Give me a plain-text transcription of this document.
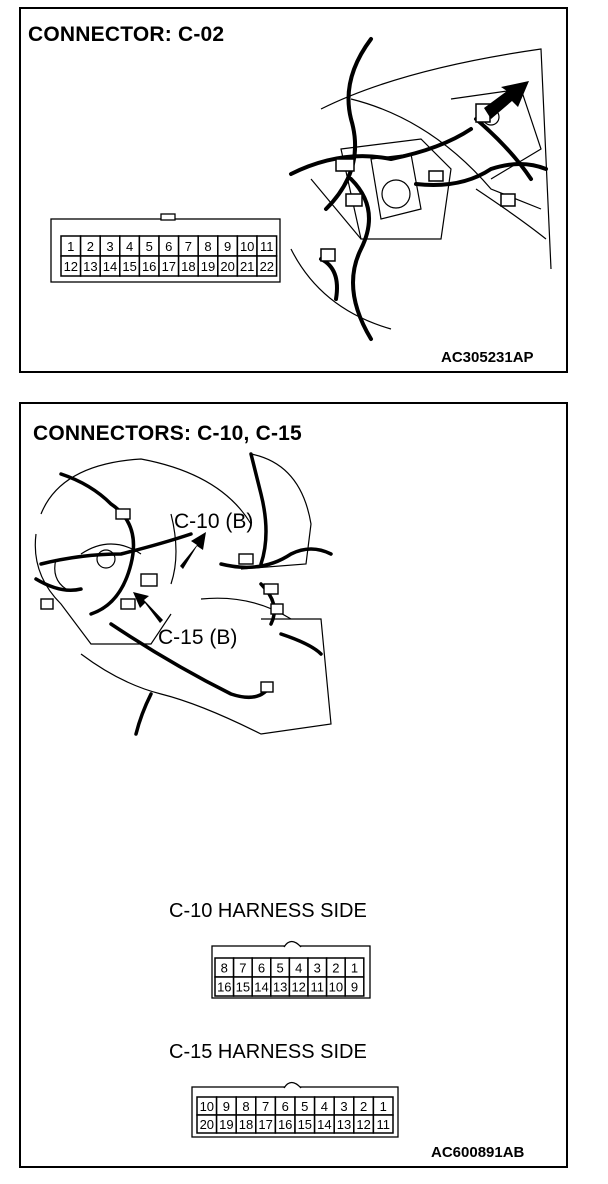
CONNECTOR: C-02
AC305231AP
1 2 3 4 5 6 7 8 9 10 11
12 13 14 15 16 17 18 19 20 21 22
CONNECTORS: C-10, C-15
C-10 (B)
C-15 (B)
C-10 HARNESS SIDE
C-15 HARNESS SIDE
AC600891AB
8 7 6 5 4 3 2 1
16 15 14 13 12 11 10 9
10 9 8 7 6 5 4 3 2 1
20 19 18 17 16 15 14 13 12 11
